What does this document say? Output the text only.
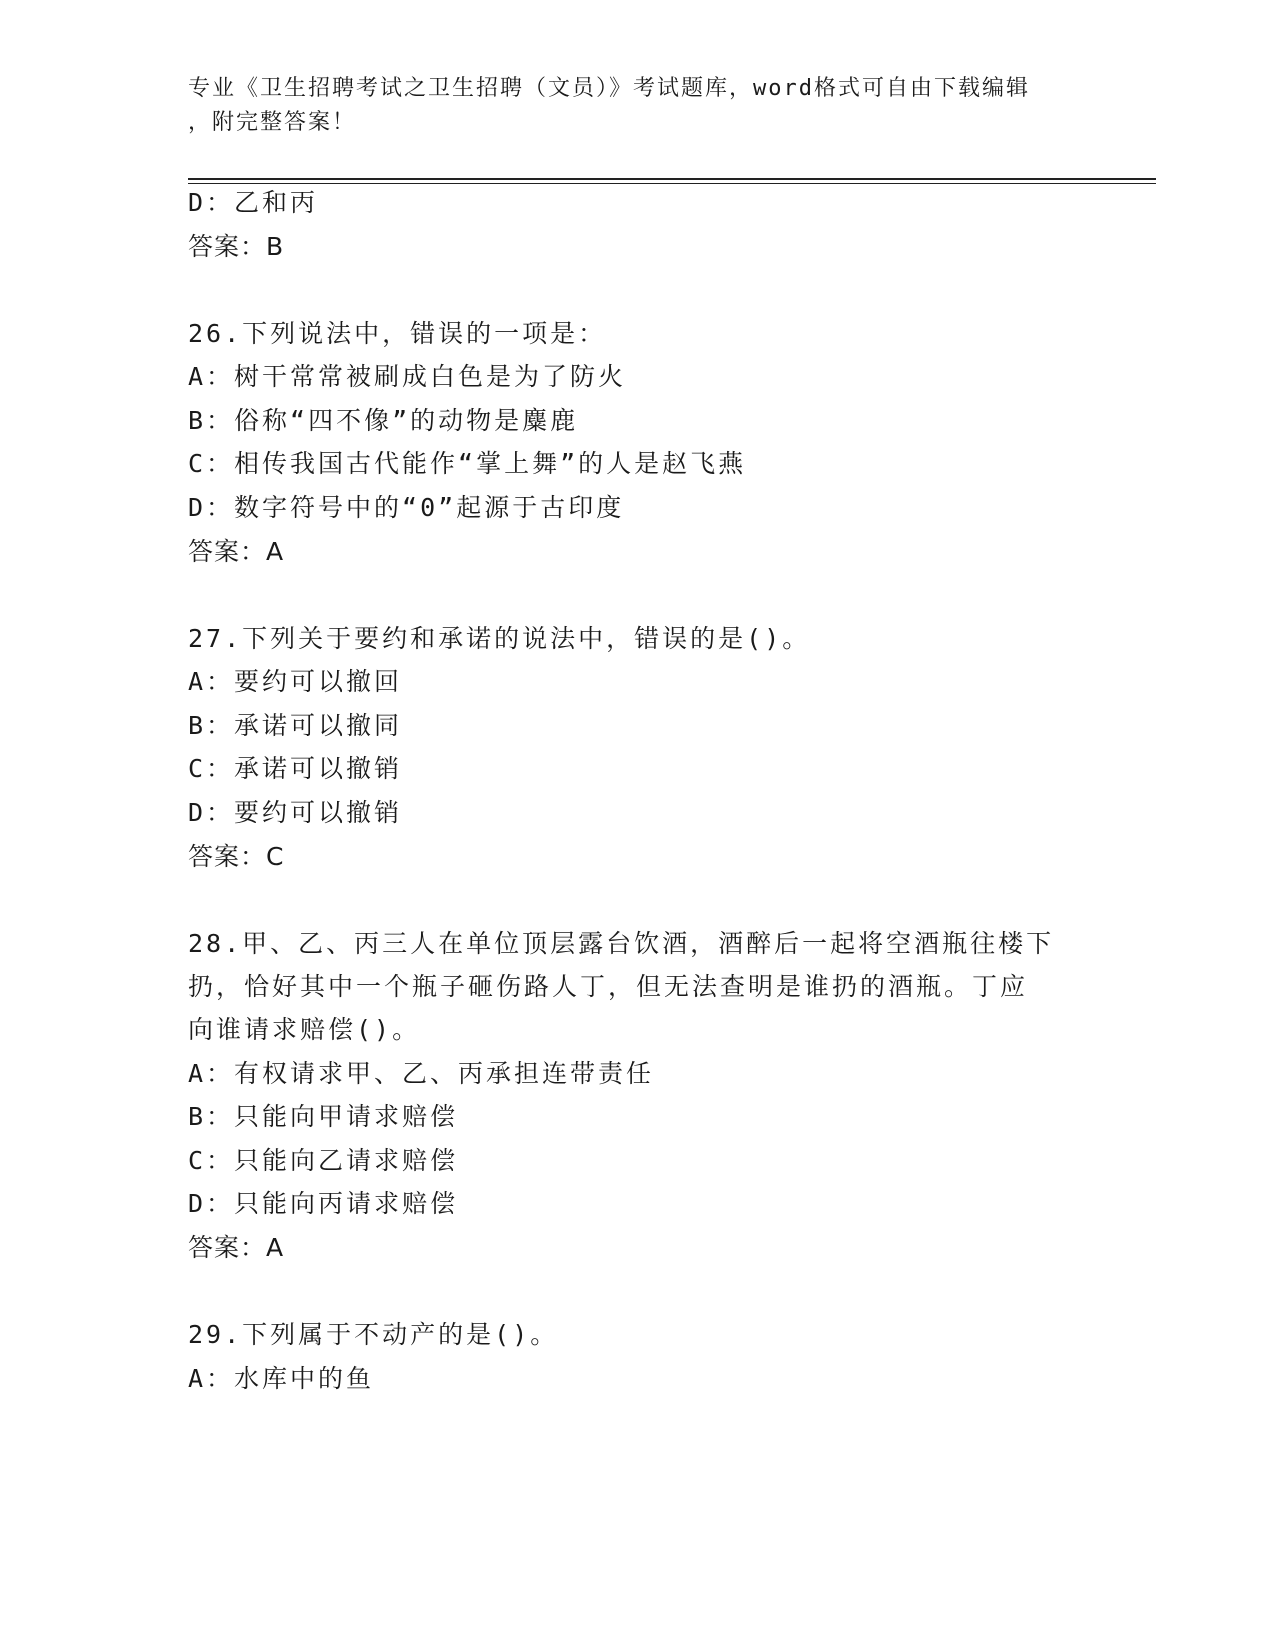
专业《卫生招聘考试之卫生招聘（文员）》考试题库，word格式可自由下载编辑
，附完整答案！
D：乙和丙
答案：B
26.下列说法中，错误的一项是：
A：树干常常被刷成白色是为了防火
B：俗称“四不像”的动物是麋鹿
C：相传我国古代能作“掌上舞”的人是赵飞燕
D：数字符号中的“0”起源于古印度
答案：A
27.下列关于要约和承诺的说法中，错误的是()。
A：要约可以撤回
B：承诺可以撤同
C：承诺可以撤销
D：要约可以撤销
答案：C
28.甲、乙、丙三人在单位顶层露台饮酒，酒醉后一起将空酒瓶往楼下
扔，恰好其中一个瓶子砸伤路人丁，但无法查明是谁扔的酒瓶。丁应
向谁请求赔偿()。
A：有权请求甲、乙、丙承担连带责任
B：只能向甲请求赔偿
C：只能向乙请求赔偿
D：只能向丙请求赔偿
答案：A
29.下列属于不动产的是()。
A：水库中的鱼
